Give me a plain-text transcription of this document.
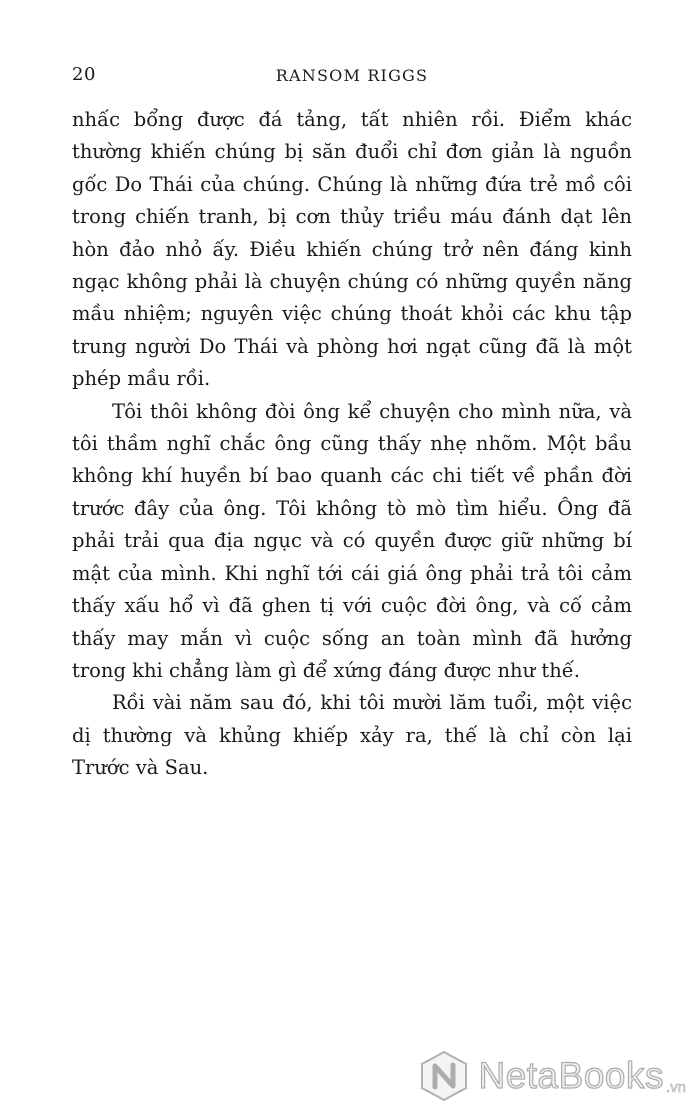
20	RANSOM RIGGS

nhấc bổng được đá tảng, tất nhiên rồi. Điểm khác thường khiến chúng bị săn đuổi chỉ đơn giản là nguồn gốc Do Thái của chúng. Chúng là những đứa trẻ mồ côi trong chiến tranh, bị cơn thủy triều máu đánh dạt lên hòn đảo nhỏ ấy. Điều khiến chúng trở nên đáng kinh ngạc không phải là chuyện chúng có những quyền năng mầu nhiệm; nguyên việc chúng thoát khỏi các khu tập trung người Do Thái và phòng hơi ngạt cũng đã là một phép mầu rồi.

Tôi thôi không đòi ông kể chuyện cho mình nữa, và tôi thầm nghĩ chắc ông cũng thấy nhẹ nhõm. Một bầu không khí huyền bí bao quanh các chi tiết về phần đời trước đây của ông. Tôi không tò mò tìm hiểu. Ông đã phải trải qua địa ngục và có quyền được giữ những bí mật của mình. Khi nghĩ tới cái giá ông phải trả tôi cảm thấy xấu hổ vì đã ghen tị với cuộc đời ông, và cố cảm thấy may mắn vì cuộc sống an toàn mình đã hưởng trong khi chẳng làm gì để xứng đáng được như thế.

Rồi vài năm sau đó, khi tôi mười lăm tuổi, một việc dị thường và khủng khiếp xảy ra, thế là chỉ còn lại Trước và Sau.

NetaBooks .vn
